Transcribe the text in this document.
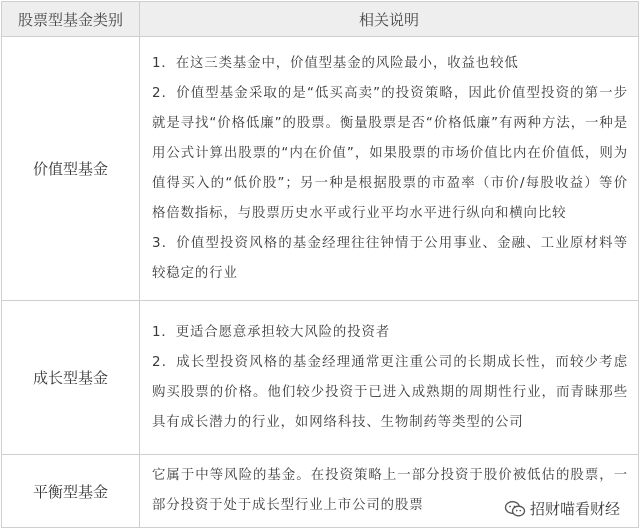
股票型基金类别	相关说明
价值型基金	1．在这三类基金中，价值型基金的风险最小，收益也较低
2．价值型基金采取的是“低买高卖”的投资策略，因此价值型投资的第一步就是寻找“价格低廉”的股票。衡量股票是否“价格低廉”有两种方法，一种是用公式计算出股票的“内在价值”，如果股票的市场价值比内在价值低，则为值得买入的“低价股”；另一种是根据股票的市盈率（市价/每股收益）等价格倍数指标，与股票历史水平或行业平均水平进行纵向和横向比较
3．价值型投资风格的基金经理往往钟情于公用事业、金融、工业原材料等较稳定的行业

成长型基金	1．更适合愿意承担较大风险的投资者
2．成长型投资风格的基金经理通常更注重公司的长期成长性，而较少考虑购买股票的价格。他们较少投资于已进入成熟期的周期性行业，而青睐那些具有成长潜力的行业，如网络科技、生物制药等类型的公司

平衡型基金	它属于中等风险的基金。在投资策略上一部分投资于股价被低估的股票，一部分投资于处于成长型行业上市公司的股票	招财喵看财经
